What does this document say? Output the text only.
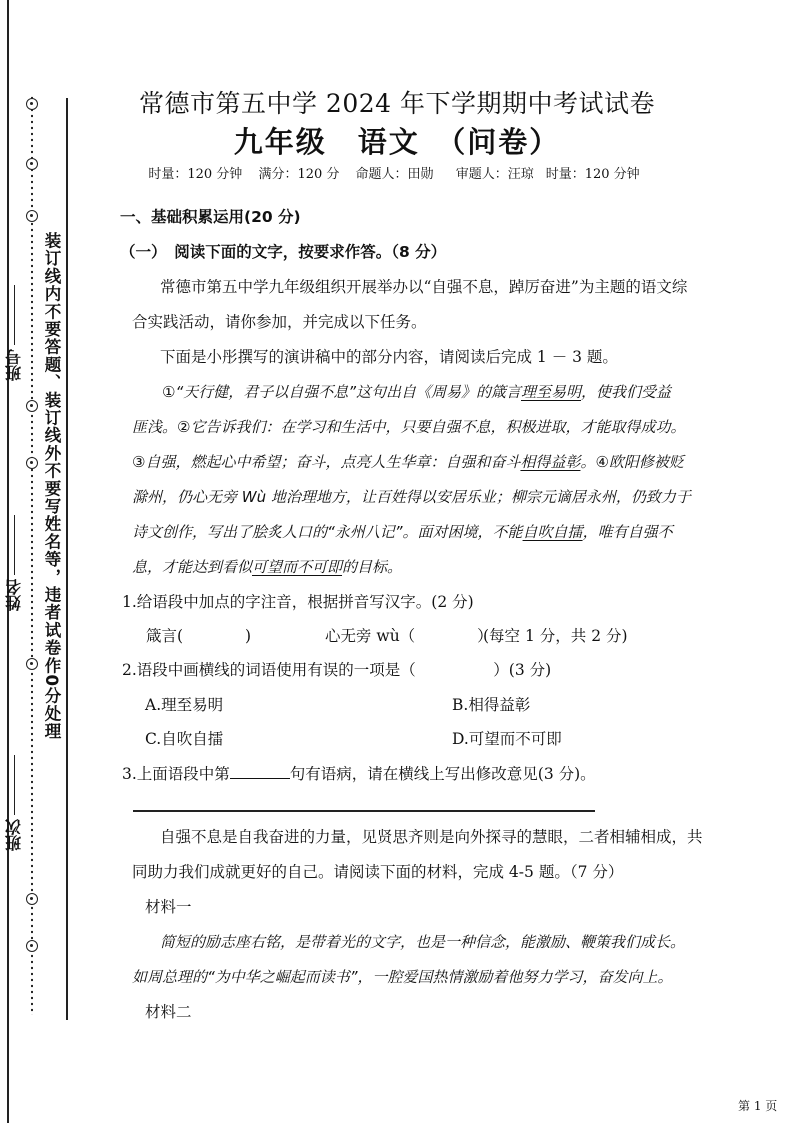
装订线内不要答题、装订线外不要写姓名等，违者试卷作0分处理
班号
姓名
班次
常德市第五中学 2024 年下学期期中考试试卷
九年级　语文　（问卷）
时量：120 分钟 满分：120 分 命题人：田勋 审题人：汪琼 时量：120 分钟
一、基础积累运用(20 分)
（一）　阅读下面的文字，按要求作答。（8 分）
常德市第五中学九年级组织开展举办以“自强不息，踔厉奋进”为主题的语文综
合实践活动，请你参加，并完成以下任务。
下面是小彤撰写的演讲稿中的部分内容，请阅读后完成 1 － 3 题。
①“天行健，君子以自强不息”这句出自《周易》的箴言理至易明，使我们受益
匪浅。②它告诉我们：在学习和生活中，只要自强不息，积极进取，才能取得成功。
③自强，燃起心中希望；奋斗，点亮人生华章：自强和奋斗相得益彰。④欧阳修被贬
滁州，仍心无旁 Wù 地治理地方，让百姓得以安居乐业；柳宗元谪居永州，仍致力于
诗文创作，写出了脍炙人口的“永州八记”。面对困境，不能自吹自擂，唯有自强不
息，才能达到看似可望而不可即的目标。
1.给语段中加点的字注音，根据拼音写汉字。(2 分)
箴言(　　　　)	心无旁 wù（　　　　）
(每空 1 分，共 2 分)
2.语段中画横线的词语使用有误的一项是（　　　　　）(3 分)
A.理至易明	B.相得益彰
C.自吹自擂	D.可望而不可即
3.上面语段中第	句有语病，请在横线上写出修改意见(3 分)。
自强不息是自我奋进的力量，见贤思齐则是向外探寻的慧眼，二者相辅相成，共
同助力我们成就更好的自己。请阅读下面的材料，完成 4-5 题。（7 分）
材料一
简短的励志座右铭，是带着光的文字，也是一种信念，能激励、鞭策我们成长。
如周总理的“为中华之崛起而读书”，一腔爱国热情激励着他努力学习，奋发向上。
材料二
第 1 页
